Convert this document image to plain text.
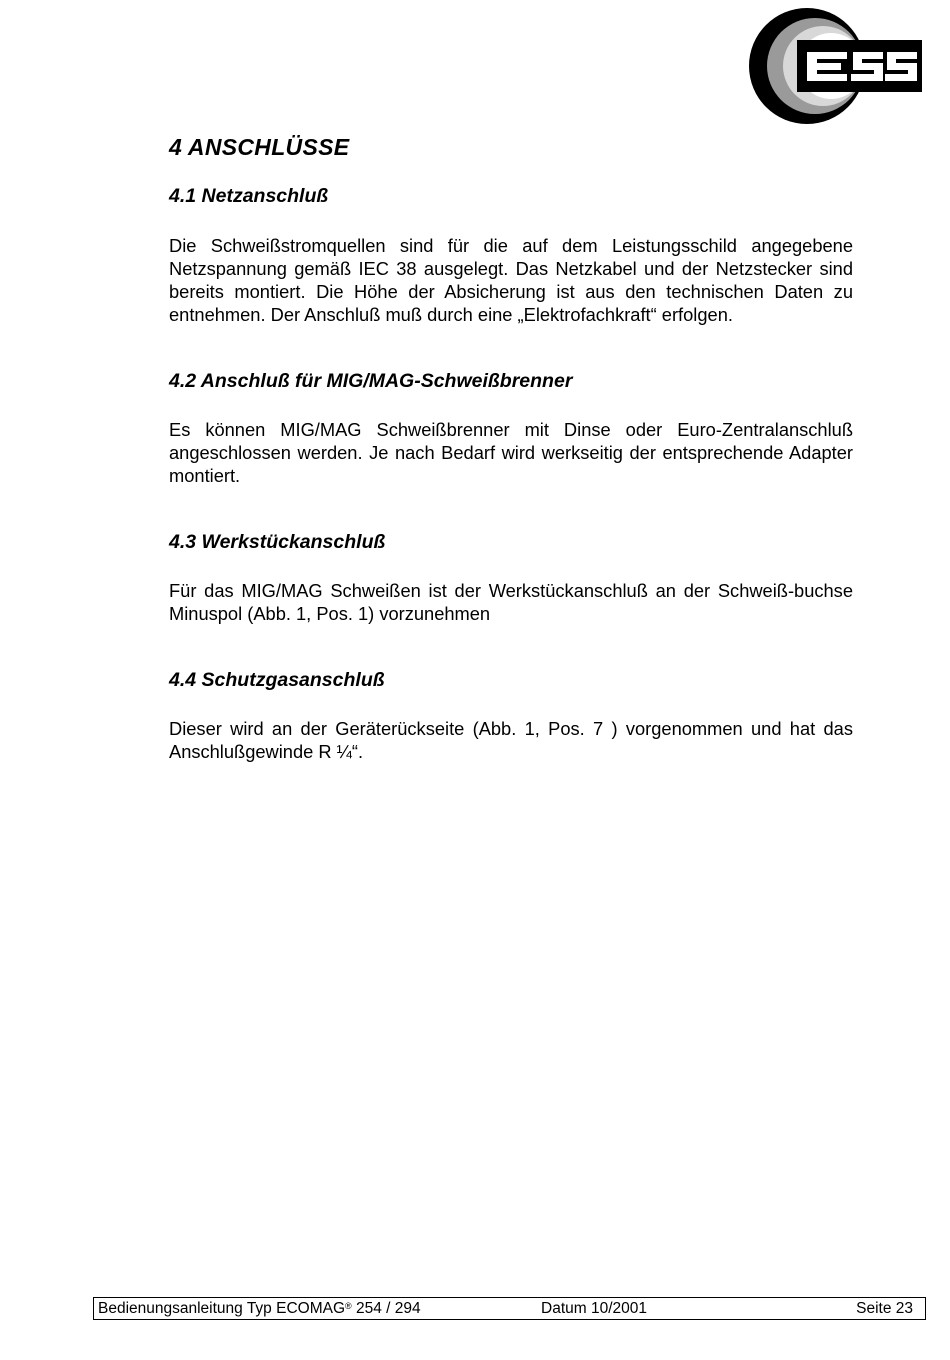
4 ANSCHLÜSSE
4.1 Netzanschluß

Die Schweißstromquellen sind für die auf dem Leistungsschild angegebene Netzspannung gemäß IEC 38 ausgelegt. Das Netzkabel und der Netzstecker sind bereits montiert. Die Höhe der Absicherung ist aus den technischen Daten zu entnehmen. Der Anschluß muß durch eine „Elektrofachkraft“ erfolgen.

4.2 Anschluß für MIG/MAG-Schweißbrenner

Es können MIG/MAG Schweißbrenner mit Dinse oder Euro-Zentralanschluß angeschlossen werden. Je nach Bedarf wird werkseitig der entsprechende Adapter montiert.

4.3 Werkstückanschluß

Für das MIG/MAG Schweißen ist der Werkstückanschluß an der Schweiß-buchse Minuspol (Abb. 1, Pos. 1) vorzunehmen

4.4 Schutzgasanschluß

Dieser wird an der Geräterückseite (Abb. 1, Pos. 7 ) vorgenommen und hat das Anschlußgewinde R ¼“.

Bedienungsanleitung Typ ECOMAG® 254 / 294	Datum 10/2001	Seite 23
